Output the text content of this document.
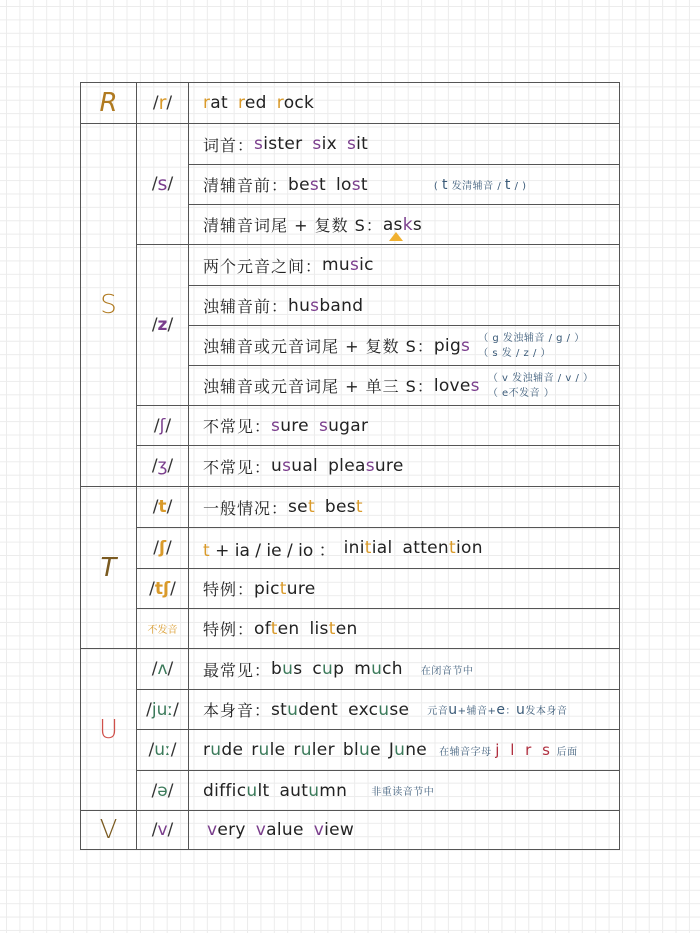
R / r / rat red rock
S
/ s /
词首： sister six sit
清辅音前： best lost	( t 发清辅音 / t / )
清辅音词尾 + 复数 S： asks
/ z /
两个元音之间： music
浊辅音前： husband
浊辅音或元音词尾 + 复数 S： pigs （ g 发浊辅音 / g / ）
（ s 发 / z / ）
浊辅音或元音词尾 + 单三 S： loves （ v 发浊辅音 / v / ）
（ e不发音 ）
/ ʃ / 不常见： sure sugar
/ ʒ / 不常见： usual pleasure
T
/ t / 一般情况： set best
/ ʃ / t + ia / ie / io ： initial attention
/ tʃ / 特例： picture
不发音 特例： often listen
U
/ ʌ / 最常见： bus cup much 在闭音节中
/ juː / 本身音： student excuse 元音u+辅音+e：u发本身音
/ uː / rude rule ruler blue June 在辅音字母 j l r s 后面
/ ə / difficult autumn 非重读音节中
V / v / very value view
